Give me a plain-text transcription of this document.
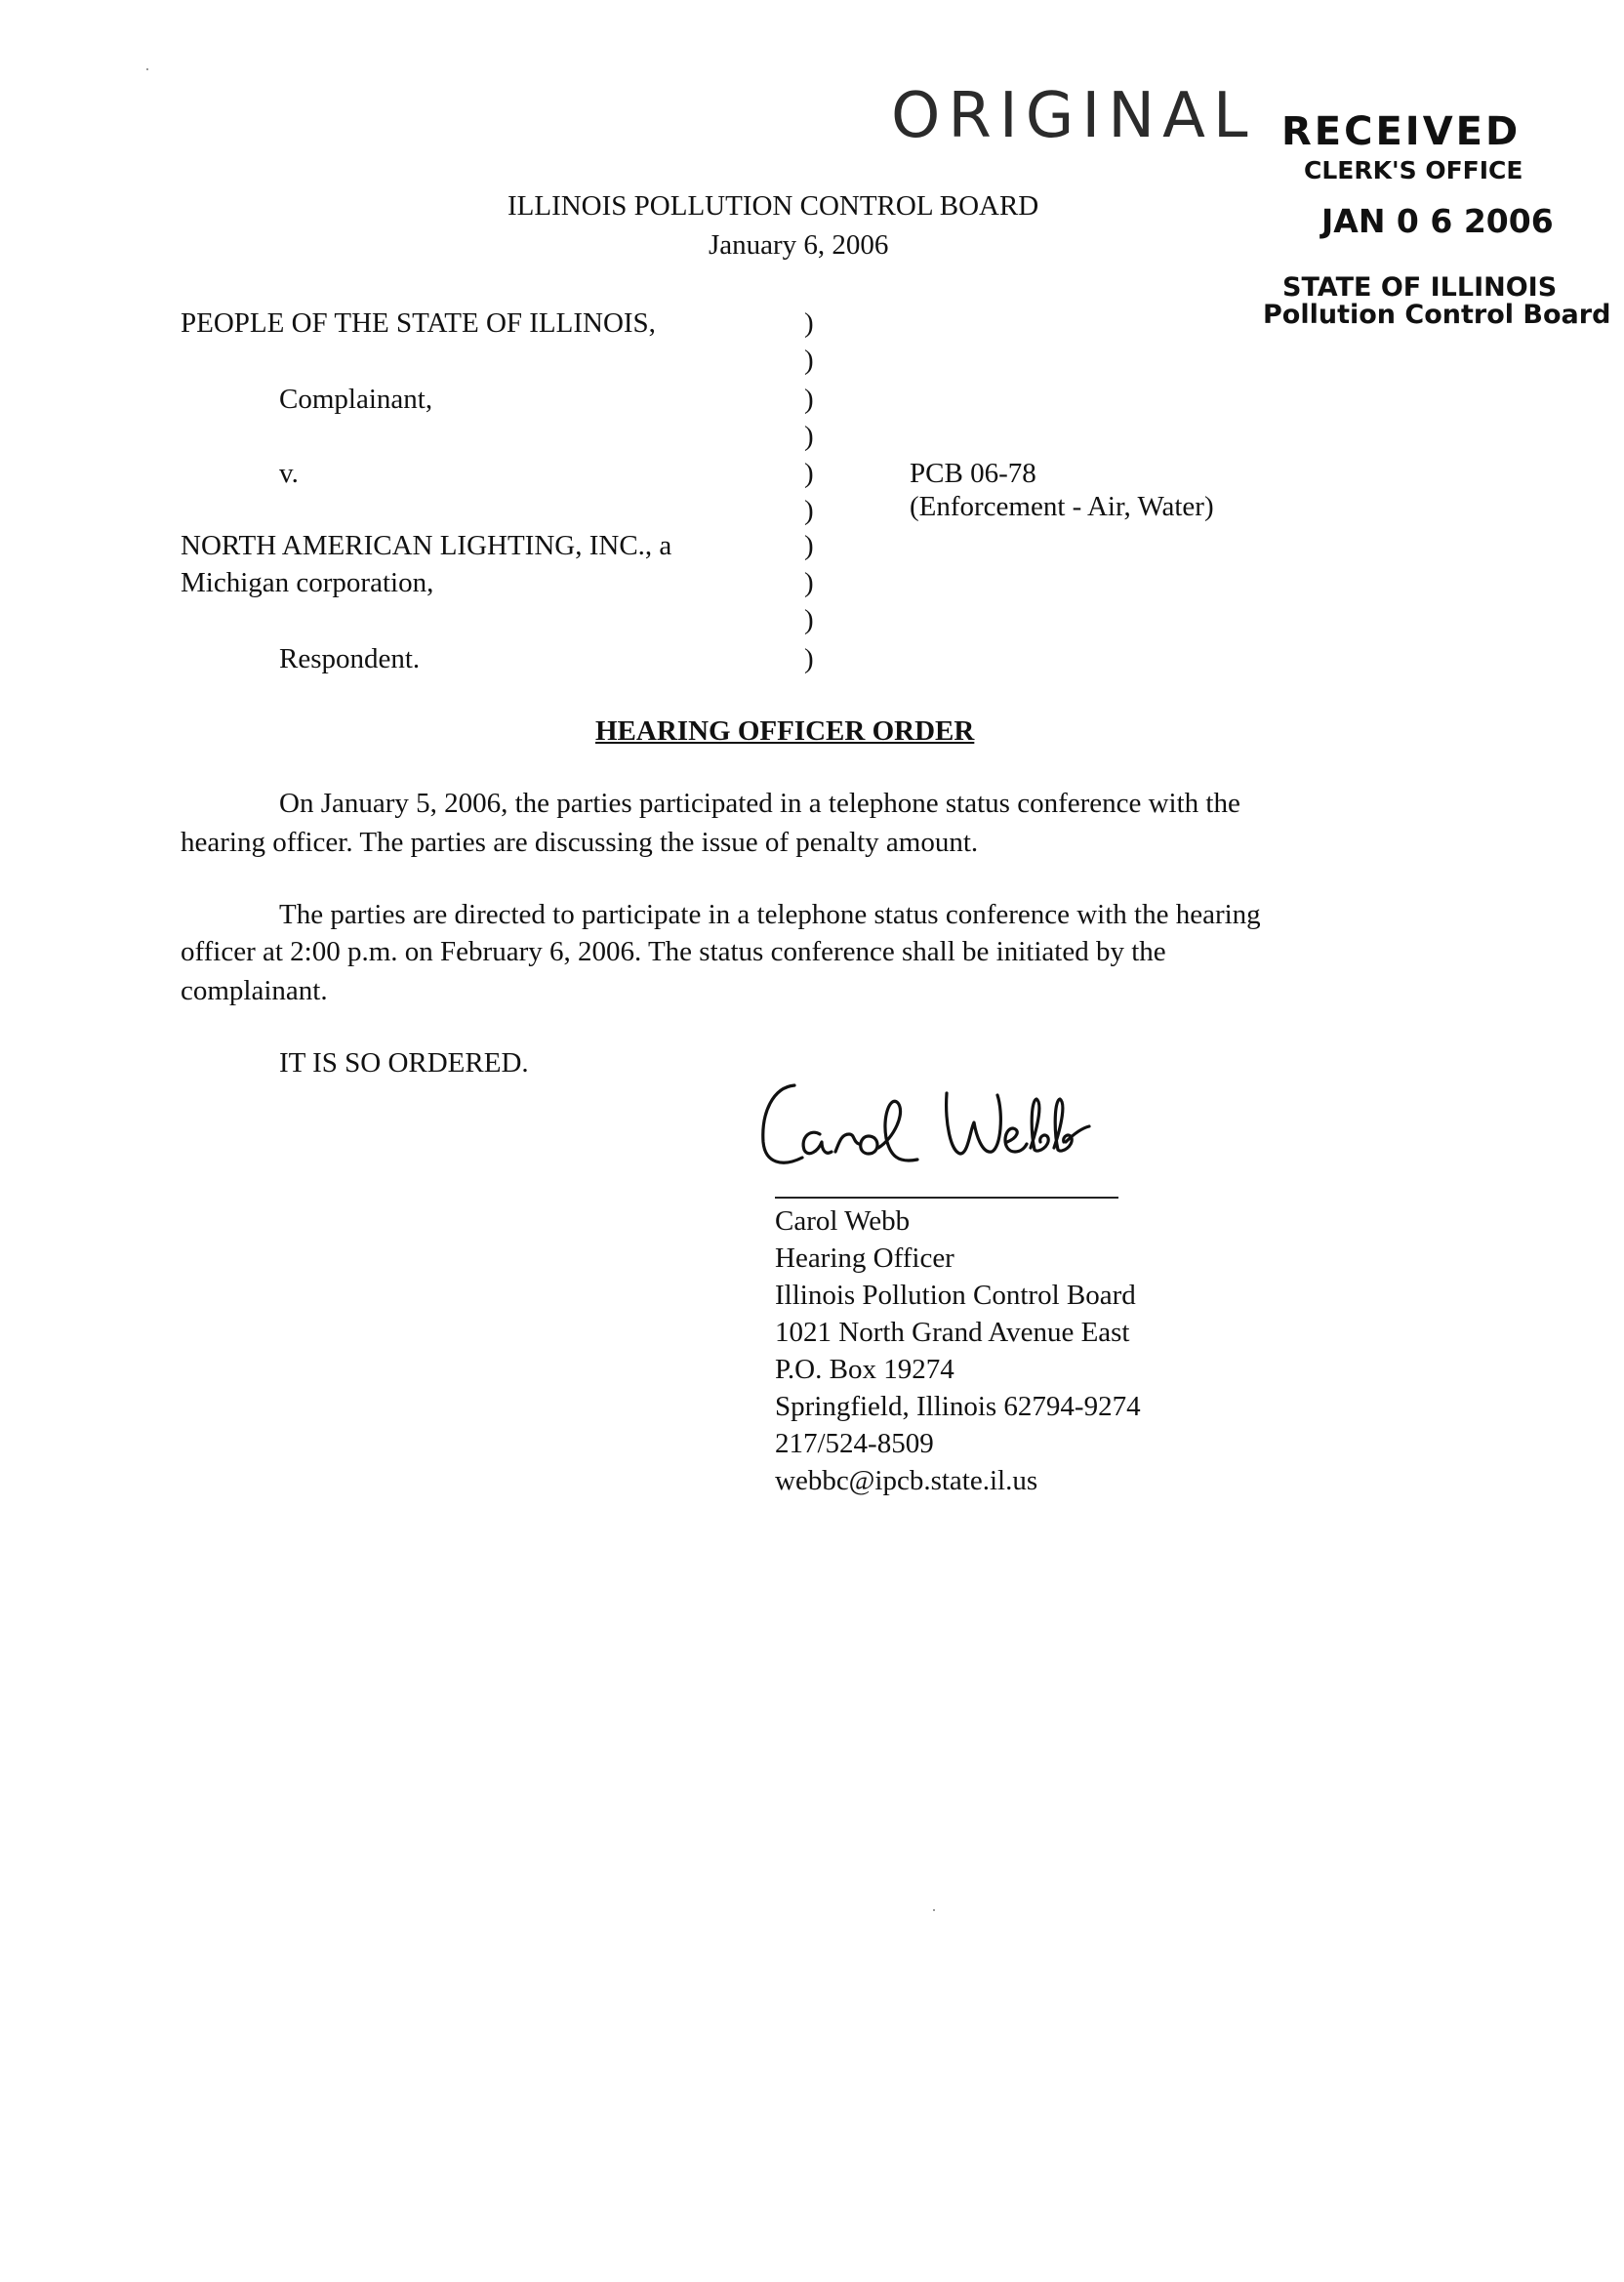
ORIGINAL RECEIVED
CLERK'S OFFICE
JAN 0 6 2006
STATE OF ILLINOIS
Pollution Control Board
ILLINOIS POLLUTION CONTROL BOARD
January 6, 2006
PEOPLE OF THE STATE OF ILLINOIS,
Complainant,
v.
NORTH AMERICAN LIGHTING, INC., a
Michigan corporation,
Respondent.
)
)
)
)
)
)
)
)
)
)
PCB 06-78
(Enforcement - Air, Water)
HEARING OFFICER ORDER
On January 5, 2006, the parties participated in a telephone status conference with the
hearing officer. The parties are discussing the issue of penalty amount.
The parties are directed to participate in a telephone status conference with the hearing
officer at 2:00 p.m. on February 6, 2006. The status conference shall be initiated by the
complainant.
IT IS SO ORDERED.
Carol Webb
Hearing Officer
Illinois Pollution Control Board
1021 North Grand Avenue East
P.O. Box 19274
Springfield, Illinois 62794-9274
217/524-8509
webbc@ipcb.state.il.us
